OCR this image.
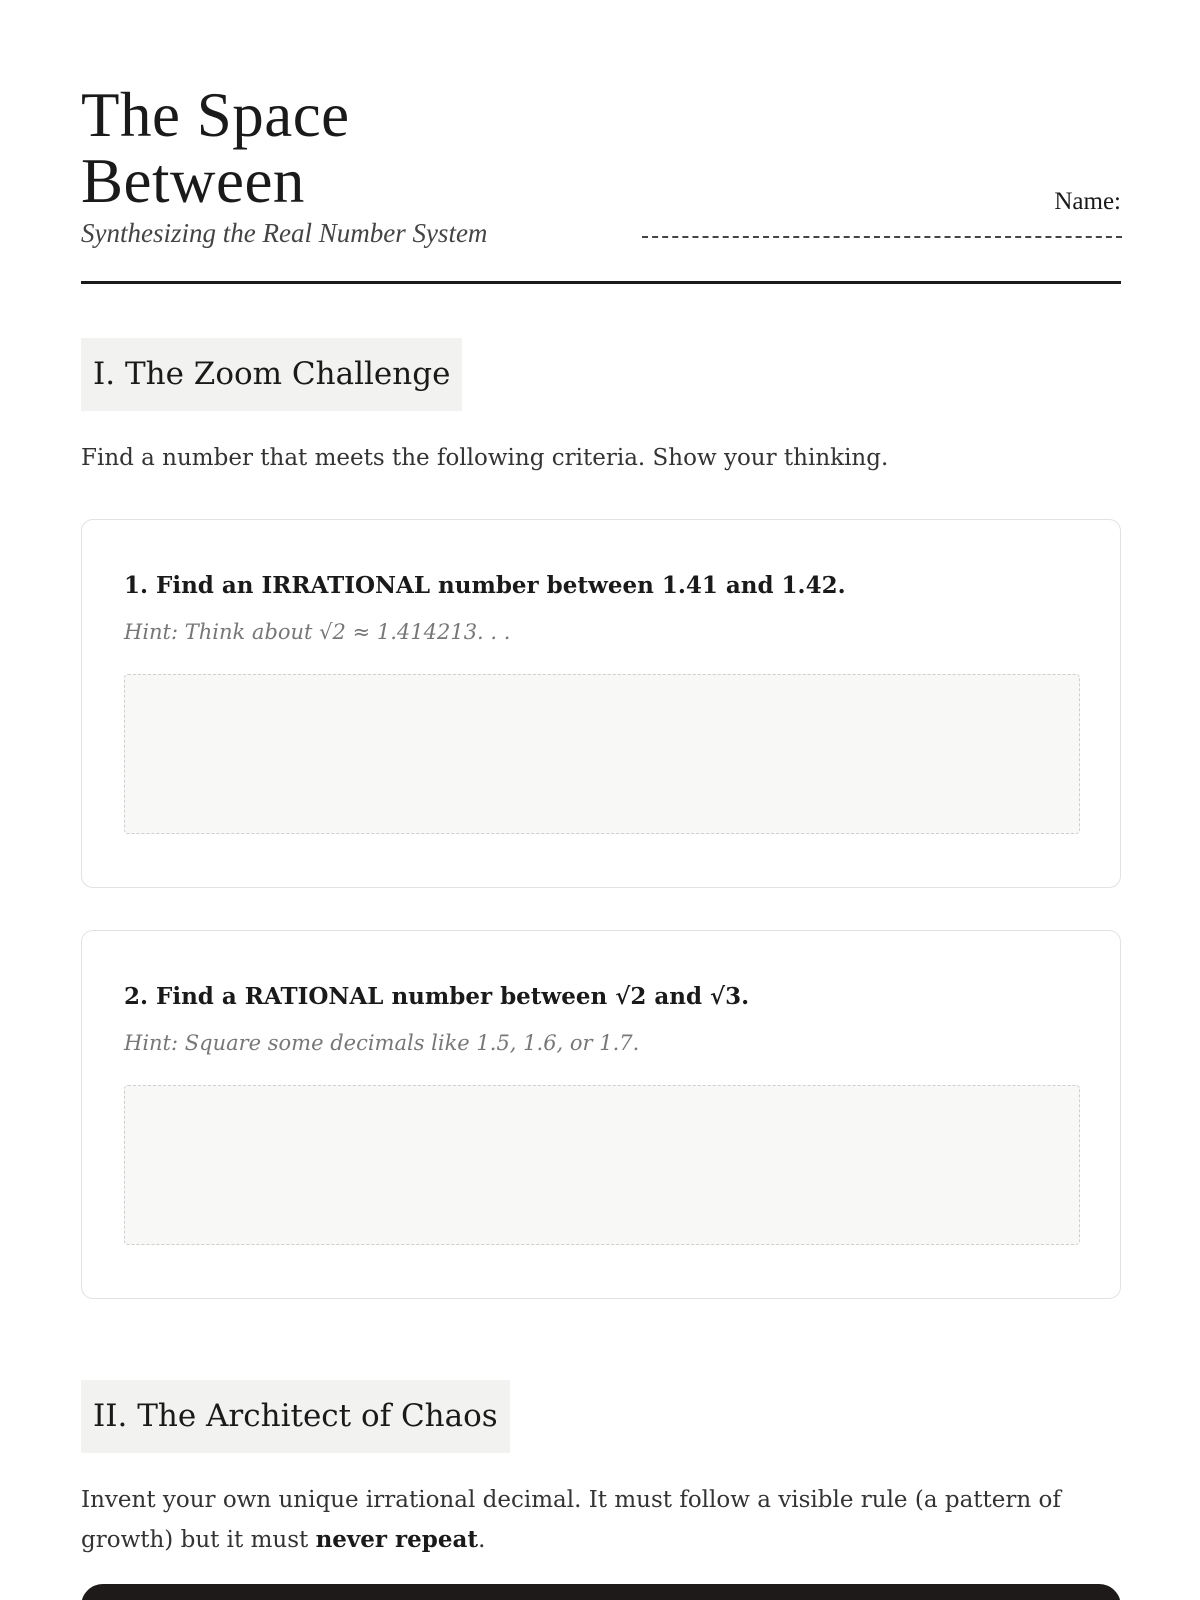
The Space Between
Synthesizing the Real Number System
Name:
I. The Zoom Challenge
Find a number that meets the following criteria. Show your thinking.
1. Find an IRRATIONAL number between 1.41 and 1.42.
Hint: Think about √2 ≈ 1.414213. . .
2. Find a RATIONAL number between √2 and √3.
Hint: Square some decimals like 1.5, 1.6, or 1.7.
II. The Architect of Chaos
Invent your own unique irrational decimal. It must follow a visible rule (a pattern of growth) but it must never repeat.
